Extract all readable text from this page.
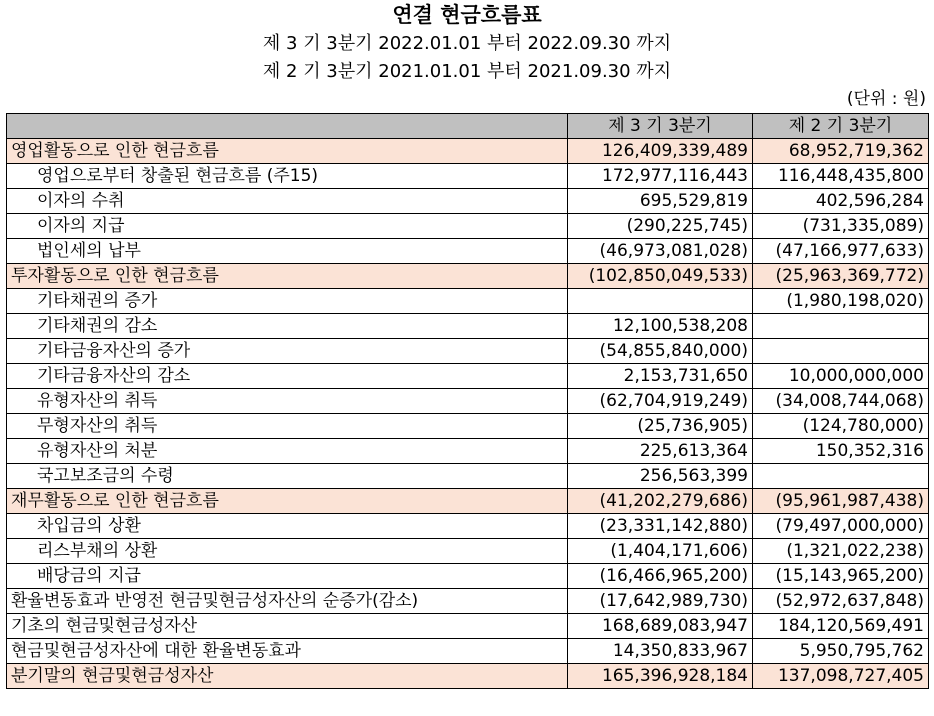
연결 현금흐름표
제 3 기 3분기 2022.01.01 부터 2022.09.30 까지
제 2 기 3분기 2021.01.01 부터 2021.09.30 까지
(단위 : 원)
	제 3 기 3분기	제 2 기 3분기
영업활동으로 인한 현금흐름	126,409,339,489	68,952,719,362
영업으로부터 창출된 현금흐름 (주15)	172,977,116,443	116,448,435,800
이자의 수취	695,529,819	402,596,284
이자의 지급	(290,225,745)	(731,335,089)
법인세의 납부	(46,973,081,028)	(47,166,977,633)
투자활동으로 인한 현금흐름	(102,850,049,533)	(25,963,369,772)
기타채권의 증가		(1,980,198,020)
기타채권의 감소	12,100,538,208	
기타금융자산의 증가	(54,855,840,000)	
기타금융자산의 감소	2,153,731,650	10,000,000,000
유형자산의 취득	(62,704,919,249)	(34,008,744,068)
무형자산의 취득	(25,736,905)	(124,780,000)
유형자산의 처분	225,613,364	150,352,316
국고보조금의 수령	256,563,399	
재무활동으로 인한 현금흐름	(41,202,279,686)	(95,961,987,438)
차입금의 상환	(23,331,142,880)	(79,497,000,000)
리스부채의 상환	(1,404,171,606)	(1,321,022,238)
배당금의 지급	(16,466,965,200)	(15,143,965,200)
환율변동효과 반영전 현금및현금성자산의 순증가(감소)	(17,642,989,730)	(52,972,637,848)
기초의 현금및현금성자산	168,689,083,947	184,120,569,491
현금및현금성자산에 대한 환율변동효과	14,350,833,967	5,950,795,762
분기말의 현금및현금성자산	165,396,928,184	137,098,727,405
